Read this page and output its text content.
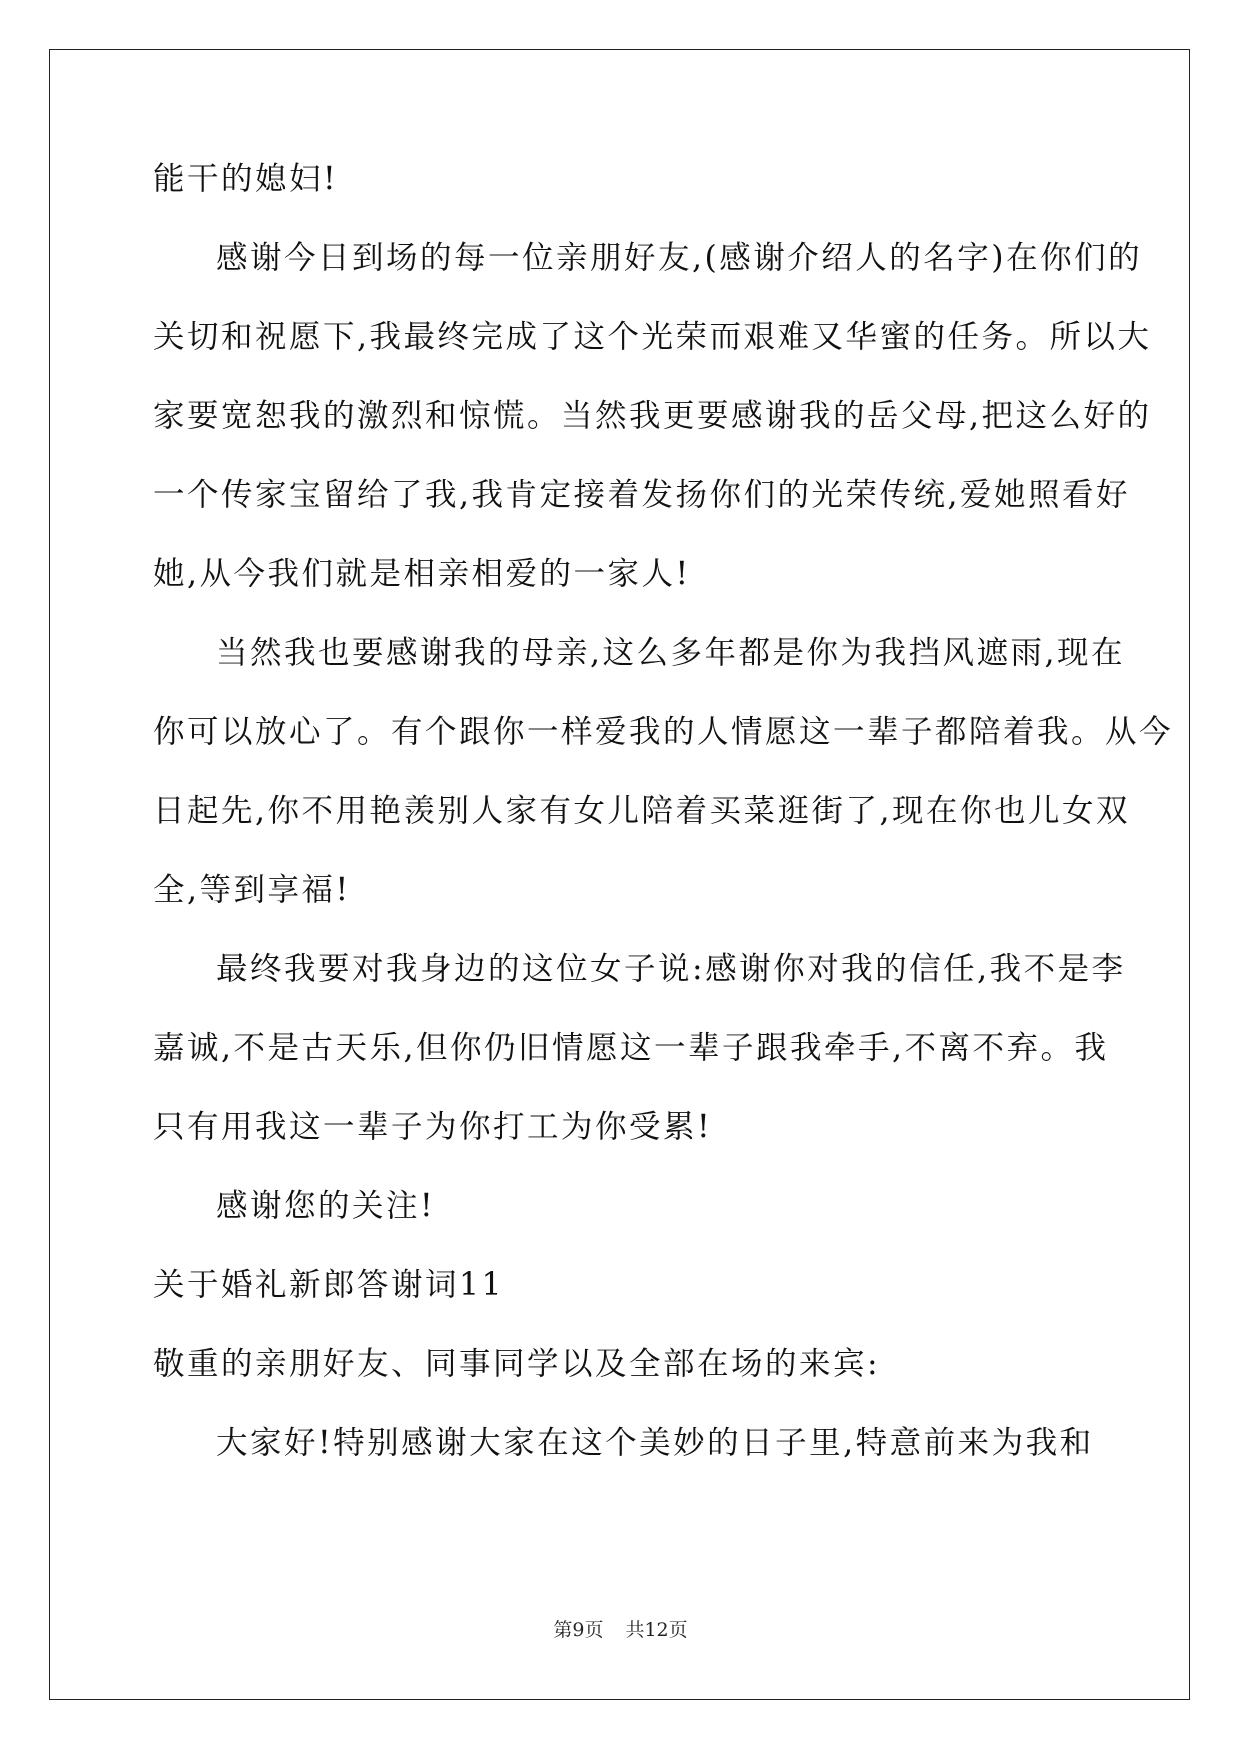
能干的媳妇!
感谢今日到场的每一位亲朋好友,(感谢介绍人的名字)在你们的
关切和祝愿下,我最终完成了这个光荣而艰难又华蜜的任务。所以大
家要宽恕我的激烈和惊慌。当然我更要感谢我的岳父母,把这么好的
一个传家宝留给了我,我肯定接着发扬你们的光荣传统,爱她照看好
她,从今我们就是相亲相爱的一家人!
当然我也要感谢我的母亲,这么多年都是你为我挡风遮雨,现在
你可以放心了。有个跟你一样爱我的人情愿这一辈子都陪着我。从今
日起先,你不用艳羡别人家有女儿陪着买菜逛街了,现在你也儿女双
全,等到享福!
最终我要对我身边的这位女子说:感谢你对我的信任,我不是李
嘉诚,不是古天乐,但你仍旧情愿这一辈子跟我牵手,不离不弃。我
只有用我这一辈子为你打工为你受累!
感谢您的关注!
关于婚礼新郎答谢词11
敬重的亲朋好友、同事同学以及全部在场的来宾:
大家好!特别感谢大家在这个美妙的日子里,特意前来为我和
第9页 共12页
